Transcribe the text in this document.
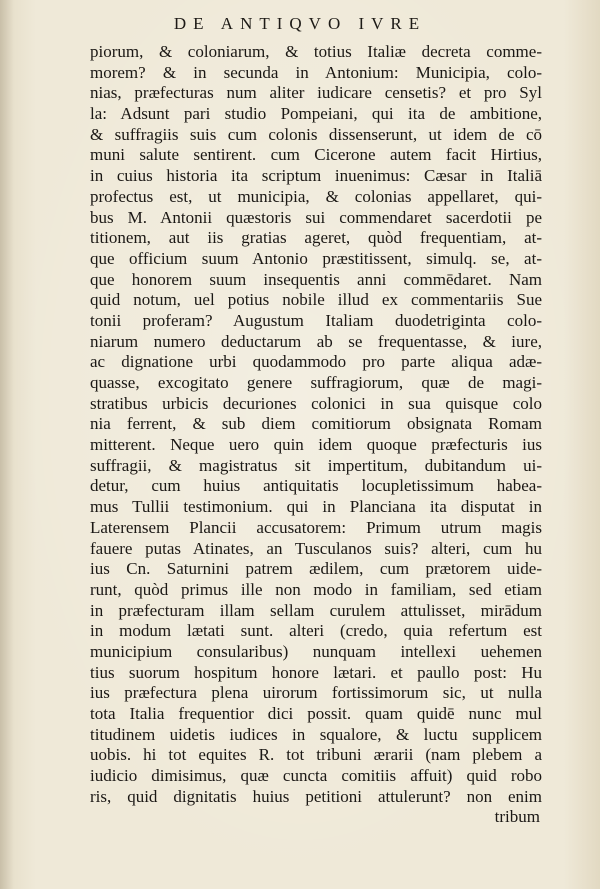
DE ANTIQVO IVRE
piorum, & coloniarum, & totius Italiæ decreta comme-
morem? & in secunda in Antonium: Municipia, colo-
nias, præfecturas num aliter iudicare censetis? et pro Syl
la: Adsunt pari studio Pompeiani, qui ita de ambitione,
& suffragiis suis cum colonis dissenserunt, ut idem de cō
muni salute sentirent. cum Cicerone autem facit Hirtius,
in cuius historia ita scriptum inuenimus: Cæsar in Italiā
profectus est, ut municipia, & colonias appellaret, qui-
bus M. Antonii quæstoris sui commendaret sacerdotii pe
titionem, aut iis gratias ageret, quòd frequentiam, at-
que officium suum Antonio præstitissent, simulq. se, at-
que honorem suum insequentis anni commēdaret. Nam
quid notum, uel potius nobile illud ex commentariis Sue
tonii proferam? Augustum Italiam duodetriginta colo-
niarum numero deductarum ab se frequentasse, & iure,
ac dignatione urbi quodammodo pro parte aliqua adæ-
quasse, excogitato genere suffragiorum, quæ de magi-
stratibus urbicis decuriones colonici in sua quisque colo
nia ferrent, & sub diem comitiorum obsignata Romam
mitterent. Neque uero quin idem quoque præfecturis ius
suffragii, & magistratus sit impertitum, dubitandum ui-
detur, cum huius antiquitatis locupletissimum habea-
mus Tullii testimonium. qui in Planciana ita disputat in
Laterensem Plancii accusatorem: Primum utrum magis
fauere putas Atinates, an Tusculanos suis? alteri, cum hu
ius Cn. Saturnini patrem ædilem, cum prætorem uide-
runt, quòd primus ille non modo in familiam, sed etiam
in præfecturam illam sellam curulem attulisset, mirādum
in modum lætati sunt. alteri (credo, quia refertum est
municipium consularibus) nunquam intellexi uehemen
tius suorum hospitum honore lætari. et paullo post: Hu
ius præfectura plena uirorum fortissimorum sic, ut nulla
tota Italia frequentior dici possit. quam quidē nunc mul
titudinem uidetis iudices in squalore, & luctu supplicem
uobis. hi tot equites R. tot tribuni ærarii (nam plebem a
iudicio dimisimus, quæ cuncta comitiis affuit) quid robo
ris, quid dignitatis huius petitioni attulerunt? non enim
tribum
